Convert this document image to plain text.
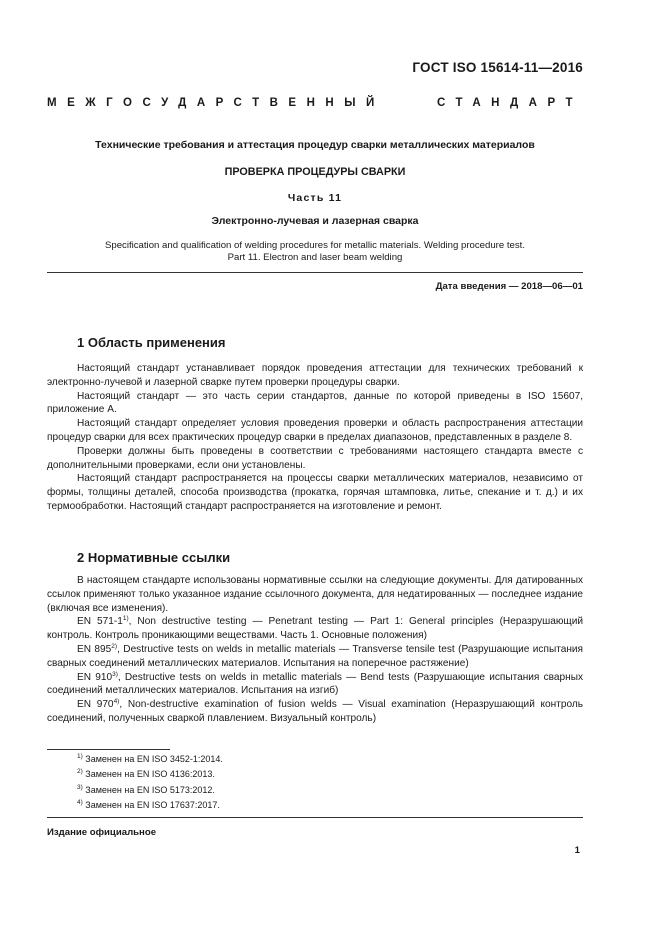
ГОСТ ISO 15614-11—2016
МЕЖГОСУДАРСТВЕННЫЙ	СТАНДАРТ
Технические требования и аттестация процедур сварки металлических материалов
ПРОВЕРКА ПРОЦЕДУРЫ СВАРКИ
Часть 11
Электронно-лучевая и лазерная сварка
Specification and qualification of welding procedures for metallic materials. Welding procedure test.
Part 11. Electron and laser beam welding
Дата введения — 2018—06—01
1 Область применения

Настоящий стандарт устанавливает порядок проведения аттестации для технических требований к электронно-лучевой и лазерной сварке путем проверки процедуры сварки.

Настоящий стандарт — это часть серии стандартов, данные по которой приведены в ISO 15607, приложение А.

Настоящий стандарт определяет условия проведения проверки и область распространения аттестации процедур сварки для всех практических процедур сварки в пределах диапазонов, представленных в разделе 8.

Проверки должны быть проведены в соответствии с требованиями настоящего стандарта вместе с дополнительными проверками, если они установлены.

Настоящий стандарт распространяется на процессы сварки металлических материалов, независимо от формы, толщины деталей, способа производства (прокатка, горячая штамповка, литье, спекание и т. д.) и их термообработки. Настоящий стандарт распространяется на изготовление и ремонт.

2 Нормативные ссылки

В настоящем стандарте использованы нормативные ссылки на следующие документы. Для датированных ссылок применяют только указанное издание ссылочного документа, для недатированных — последнее издание (включая все изменения).

EN 571-1$^{1)}$, Non destructive testing — Penetrant testing — Part 1: General principles (Неразрушающий контроль. Контроль проникающими веществами. Часть 1. Основные положения)

EN 895$^{2)}$, Destructive tests on welds in metallic materials — Transverse tensile test (Разрушающие испытания сварных соединений металлических материалов. Испытания на поперечное растяжение)

EN 910$^{3)}$, Destructive tests on welds in metallic materials — Bend tests (Разрушающие испытания сварных соединений металлических материалов. Испытания на изгиб)

EN 970$^{4)}$, Non-destructive examination of fusion welds — Visual examination (Неразрушающий контроль соединений, полученных сваркой плавлением. Визуальный контроль)

$^{1)}$ Заменен на EN ISO 3452-1:2014.
$^{2)}$ Заменен на EN ISO 4136:2013.
$^{3)}$ Заменен на EN ISO 5173:2012.
$^{4)}$ Заменен на EN ISO 17637:2017.
Издание официальное
1
